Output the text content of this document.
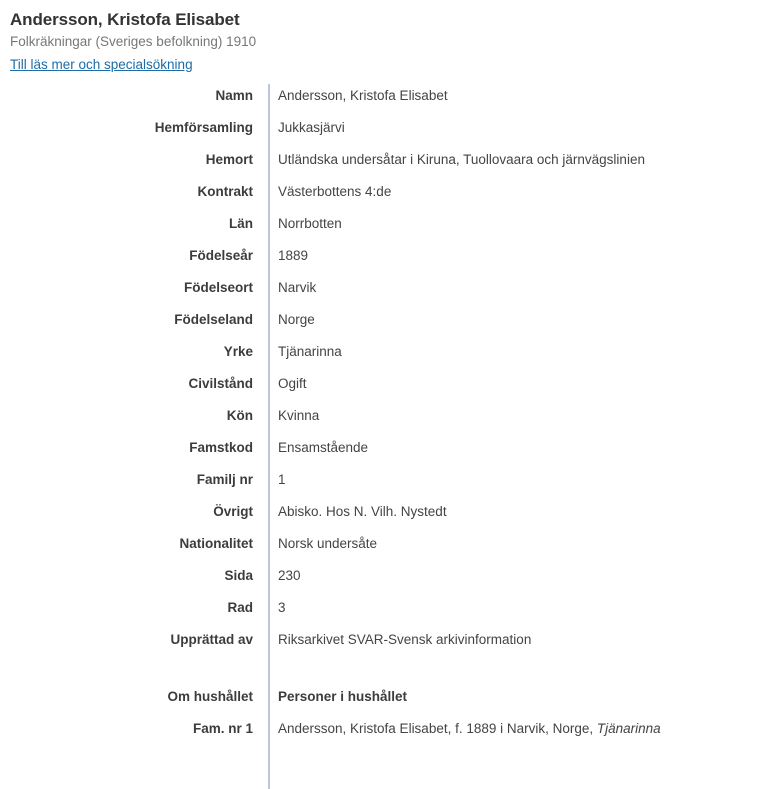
Andersson, Kristofa Elisabet
Folkräkningar (Sveriges befolkning) 1910
Till läs mer och specialsökning
Namn	Andersson, Kristofa Elisabet
Hemförsamling	Jukkasjärvi
Hemort	Utländska undersåtar i Kiruna, Tuollovaara och järnvägslinien
Kontrakt	Västerbottens 4:de
Län	Norrbotten
Födelseår	1889
Födelseort	Narvik
Födelseland	Norge
Yrke	Tjänarinna
Civilstånd	Ogift
Kön	Kvinna
Famstkod	Ensamstående
Familj nr	1
Övrigt	Abisko. Hos N. Vilh. Nystedt
Nationalitet	Norsk undersåte
Sida	230
Rad	3
Upprättad av	Riksarkivet SVAR-Svensk arkivinformation
Om hushållet	Personer i hushållet
Fam. nr 1	Andersson, Kristofa Elisabet, f. 1889 i Narvik, Norge, Tjänarinna
